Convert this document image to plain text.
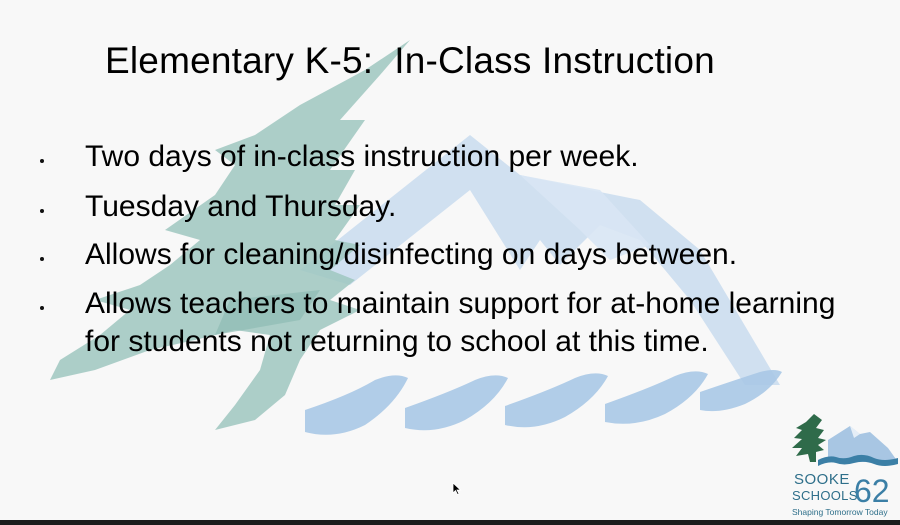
Elementary K-5:  In-Class Instruction
Two days of in-class instruction per week.
Tuesday and Thursday.
Allows for cleaning/disinfecting on days between.
Allows teachers to maintain support for at-home learning for students not returning to school at this time.
SOOKE
SCHOOLS
62
Shaping Tomorrow Today
